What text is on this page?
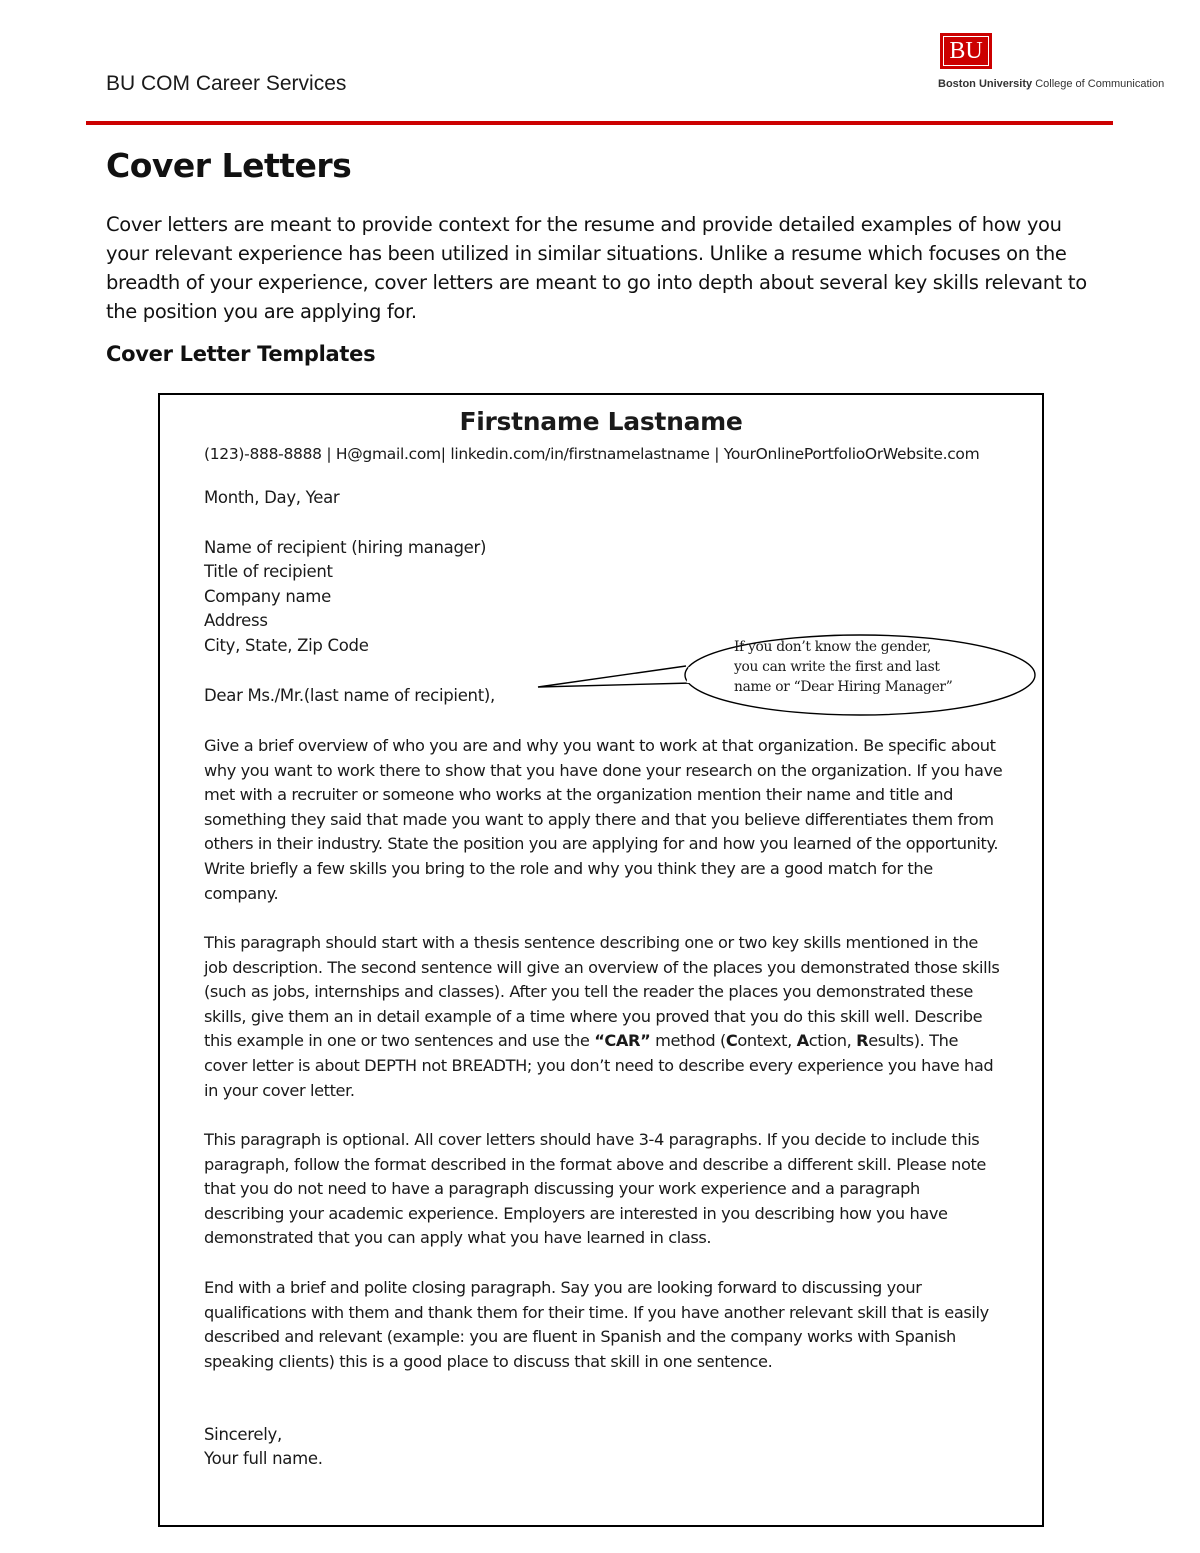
BU COM Career Services
BU
Boston University College of Communication
Cover Letters

Cover letters are meant to provide context for the resume and provide detailed examples of how you your relevant experience has been utilized in similar situations. Unlike a resume which focuses on the breadth of your experience, cover letters are meant to go into depth about several key skills relevant to the position you are applying for.

Cover Letter Templates
Firstname Lastname
(123)-888-8888 | H@gmail.com| linkedin.com/in/firstnamelastname | YourOnlinePortfolioOrWebsite.com
Month, Day, Year
Name of recipient (hiring manager)
Title of recipient
Company name
Address
City, State, Zip Code
Dear Ms./Mr.(last name of recipient),
If you don’t know the gender,
you can write the first and last
name or “Dear Hiring Manager”

Give a brief overview of who you are and why you want to work at that organization. Be specific about why you want to work there to show that you have done your research on the organization. If you have met with a recruiter or someone who works at the organization mention their name and title and something they said that made you want to apply there and that you believe differentiates them from others in their industry. State the position you are applying for and how you learned of the opportunity. Write briefly a few skills you bring to the role and why you think they are a good match for the company.

This paragraph should start with a thesis sentence describing one or two key skills mentioned in the job description. The second sentence will give an overview of the places you demonstrated those skills (such as jobs, internships and classes). After you tell the reader the places you demonstrated these skills, give them an in detail example of a time where you proved that you do this skill well. Describe this example in one or two sentences and use the “CAR” method (Context, Action, Results). The cover letter is about DEPTH not BREADTH; you don’t need to describe every experience you have had in your cover letter.

This paragraph is optional. All cover letters should have 3-4 paragraphs. If you decide to include this paragraph, follow the format described in the format above and describe a different skill. Please note that you do not need to have a paragraph discussing your work experience and a paragraph describing your academic experience. Employers are interested in you describing how you have demonstrated that you can apply what you have learned in class.

End with a brief and polite closing paragraph. Say you are looking forward to discussing your qualifications with them and thank them for their time. If you have another relevant skill that is easily described and relevant (example: you are fluent in Spanish and the company works with Spanish speaking clients) this is a good place to discuss that skill in one sentence.

Sincerely,
Your full name.
